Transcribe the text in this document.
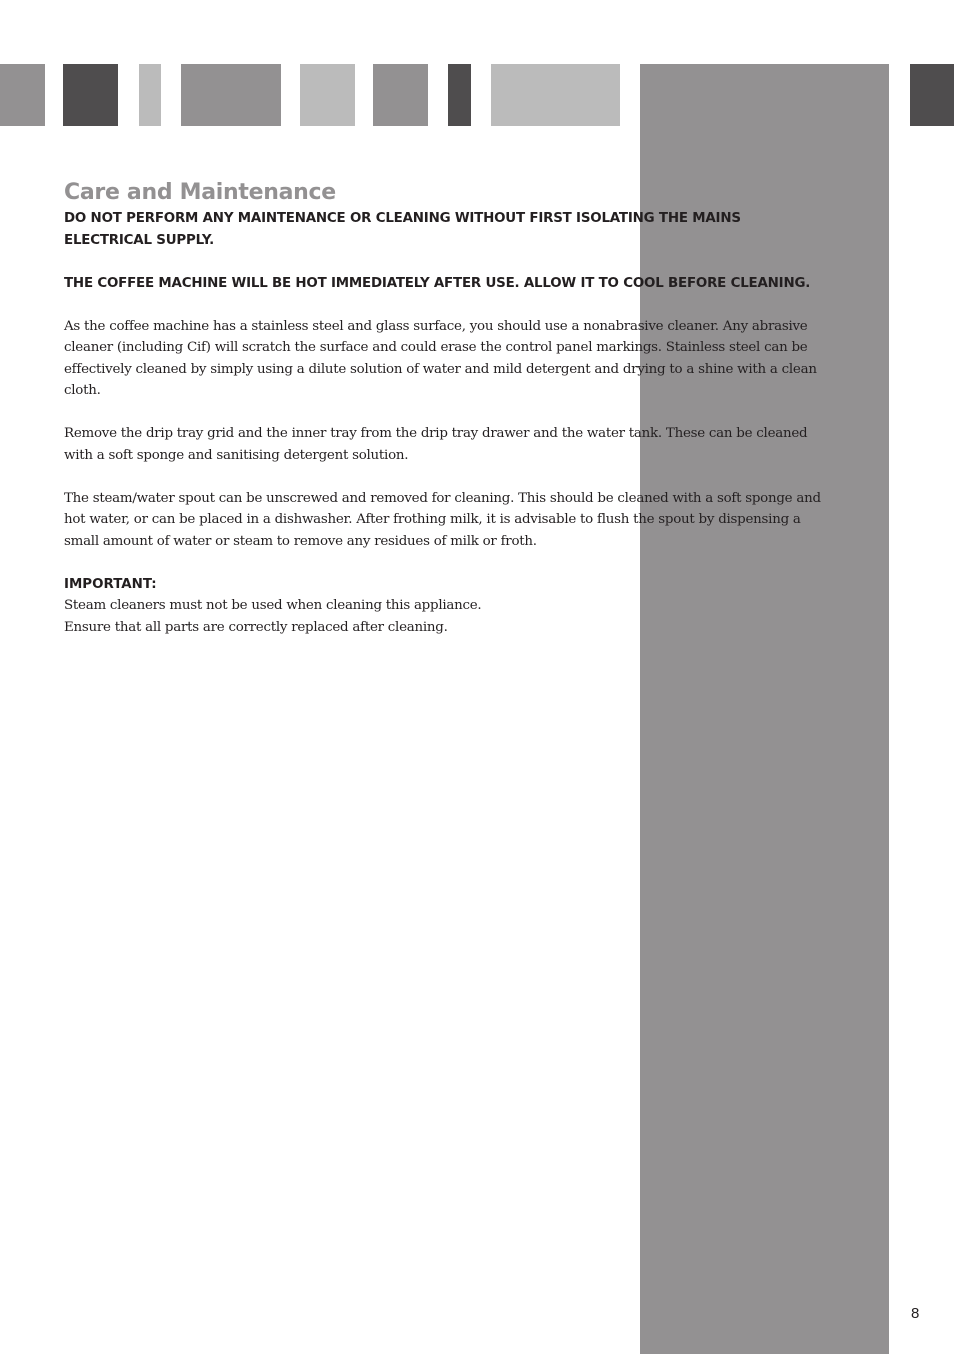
Care and Maintenance

DO NOT PERFORM ANY MAINTENANCE OR CLEANING WITHOUT FIRST ISOLATING THE MAINS ELECTRICAL SUPPLY.

THE COFFEE MACHINE WILL BE HOT IMMEDIATELY AFTER USE. ALLOW IT TO COOL BEFORE CLEANING.

As the coffee machine has a stainless steel and glass surface, you should use a nonabrasive cleaner. Any abrasive cleaner (including Cif) will scratch the surface and could erase the control panel markings. Stainless steel can be effectively cleaned by simply using a dilute solution of water and mild detergent and drying to a shine with a clean cloth.

Remove the drip tray grid and the inner tray from the drip tray drawer and the water tank. These can be cleaned with a soft sponge and sanitising detergent solution.

The steam/water spout can be unscrewed and removed for cleaning. This should be cleaned with a soft sponge and hot water, or can be placed in a dishwasher. After frothing milk, it is advisable to flush the spout by dispensing a small amount of water or steam to remove any residues of milk or froth.

IMPORTANT:

Steam cleaners must not be used when cleaning this appliance.

Ensure that all parts are correctly replaced after cleaning.

8
